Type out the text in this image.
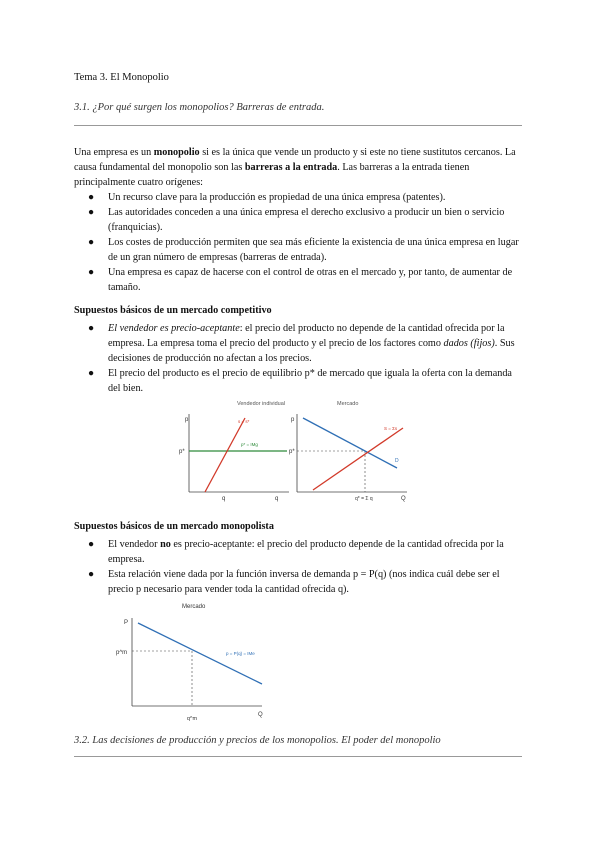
Tema 3. El Monopolio
3.1. ¿Por qué surgen los monopolios? Barreras de entrada.
Una empresa es un monopolio si es la única que vende un producto y si este no tiene sustitutos cercanos. La causa fundamental del monopolio son las barreras a la entrada. Las barreras a la entrada tienen principalmente cuatro orígenes:
● Un recurso clave para la producción es propiedad de una única empresa (patentes).
● Las autoridades conceden a una única empresa el derecho exclusivo a producir un bien o servicio (franquicias).
● Los costes de producción permiten que sea más eficiente la existencia de una única empresa en lugar de un gran número de empresas (barreras de entrada).
● Una empresa es capaz de hacerse con el control de otras en el mercado y, por tanto, de aumentar de tamaño.
Supuestos básicos de un mercado competitivo
● El vendedor es precio-aceptante: el precio del producto no depende de la cantidad ofrecida por la empresa. La empresa toma el precio del producto y el precio de los factores como dados (fijos). Sus decisiones de producción no afectan a los precios.
● El precio del producto es el precio de equilibrio p* de mercado que iguala la oferta con la demanda del bien.
Vendedor individual
p
p*
p* = IMg
s = s*
q	q
Mercado
p
p*
D
S = Σs
q* = Σ q	Q
Supuestos básicos de un mercado monopolista
● El vendedor no es precio-aceptante: el precio del producto depende de la cantidad ofrecida por la empresa.
● Esta relación viene dada por la función inversa de demanda p = P(q) (nos indica cuál debe ser el precio p necesario para vender toda la cantidad ofrecida q).
Mercado
P
p = P(q) = IMe
p^m
q^m
Q
3.2. Las decisiones de producción y precios de los monopolios. El poder del monopolio
